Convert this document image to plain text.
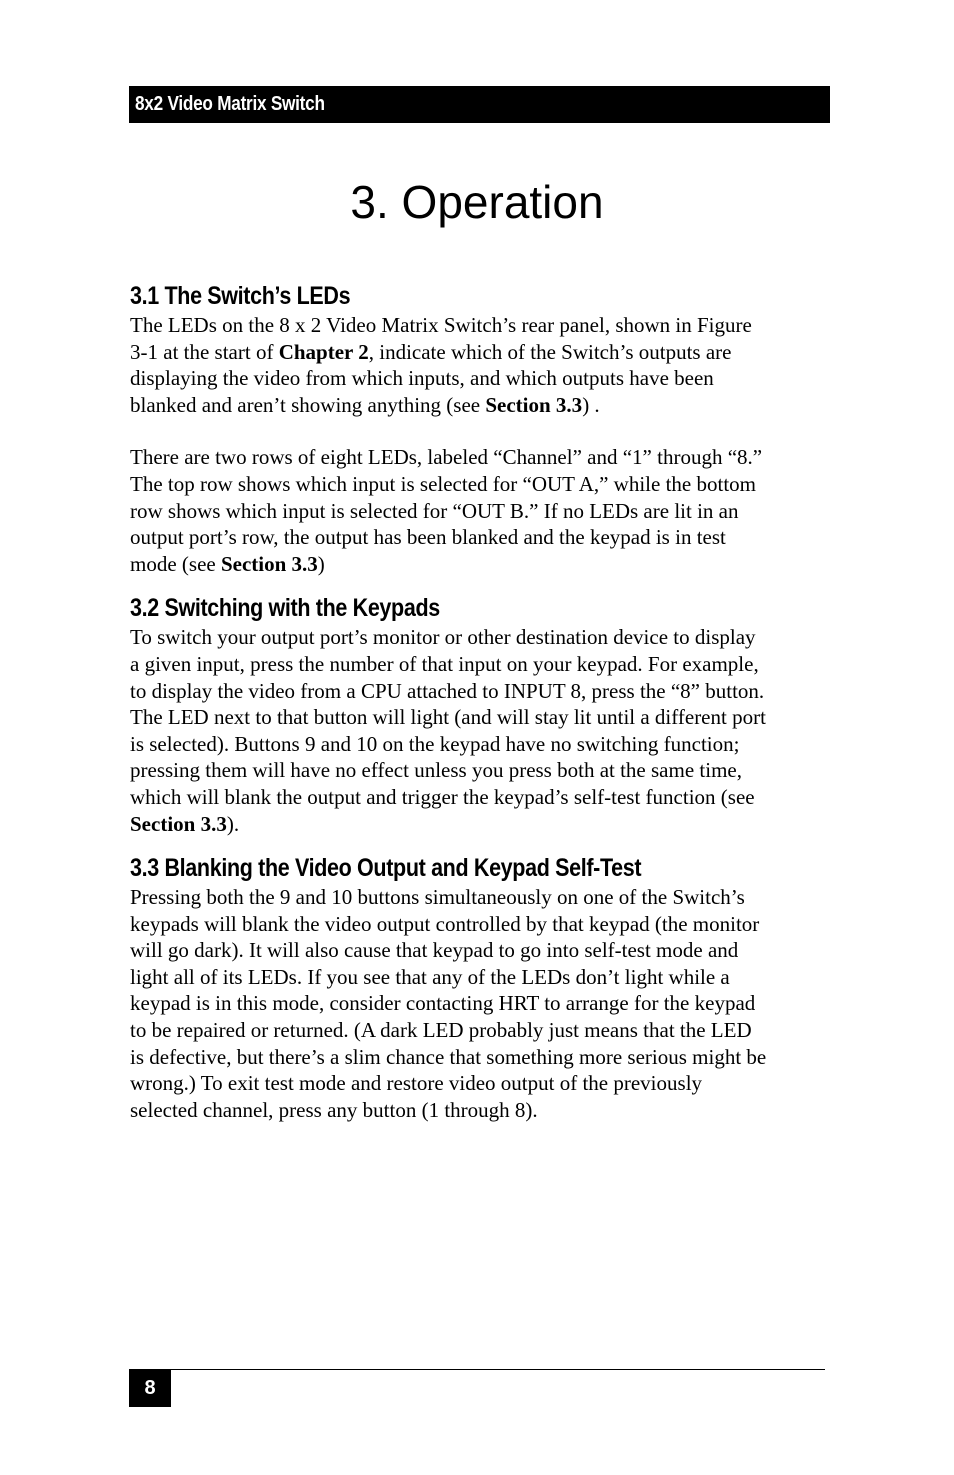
8x2 Video Matrix Switch
3. Operation
3.1 The Switch’s LEDs

The LEDs on the 8 x 2 Video Matrix Switch’s rear panel, shown in Figure
3-1 at the start of Chapter 2, indicate which of the Switch’s outputs are
displaying the video from which inputs, and which outputs have been
blanked and aren’t showing anything (see Section 3.3) .

There are two rows of eight LEDs, labeled “Channel” and “1” through “8.”
The top row shows which input is selected for “OUT A,” while the bottom
row shows which input is selected for “OUT B.” If no LEDs are lit in an
output port’s row, the output has been blanked and the keypad is in test
mode (see Section 3.3)

3.2 Switching with the Keypads

To switch your output port’s monitor or other destination device to display
a given input, press the number of that input on your keypad. For example,
to display the video from a CPU attached to INPUT 8, press the “8” button.
The LED next to that button will light (and will stay lit until a different port
is selected). Buttons 9 and 10 on the keypad have no switching function;
pressing them will have no effect unless you press both at the same time,
which will blank the output and trigger the keypad’s self-test function (see
Section 3.3).

3.3 Blanking the Video Output and Keypad Self-Test

Pressing both the 9 and 10 buttons simultaneously on one of the Switch’s
keypads will blank the video output controlled by that keypad (the monitor
will go dark). It will also cause that keypad to go into self-test mode and
light all of its LEDs. If you see that any of the LEDs don’t light while a
keypad is in this mode, consider contacting HRT to arrange for the keypad
to be repaired or returned. (A dark LED probably just means that the LED
is defective, but there’s a slim chance that something more serious might be
wrong.) To exit test mode and restore video output of the previously
selected channel, press any button (1 through 8).

8
